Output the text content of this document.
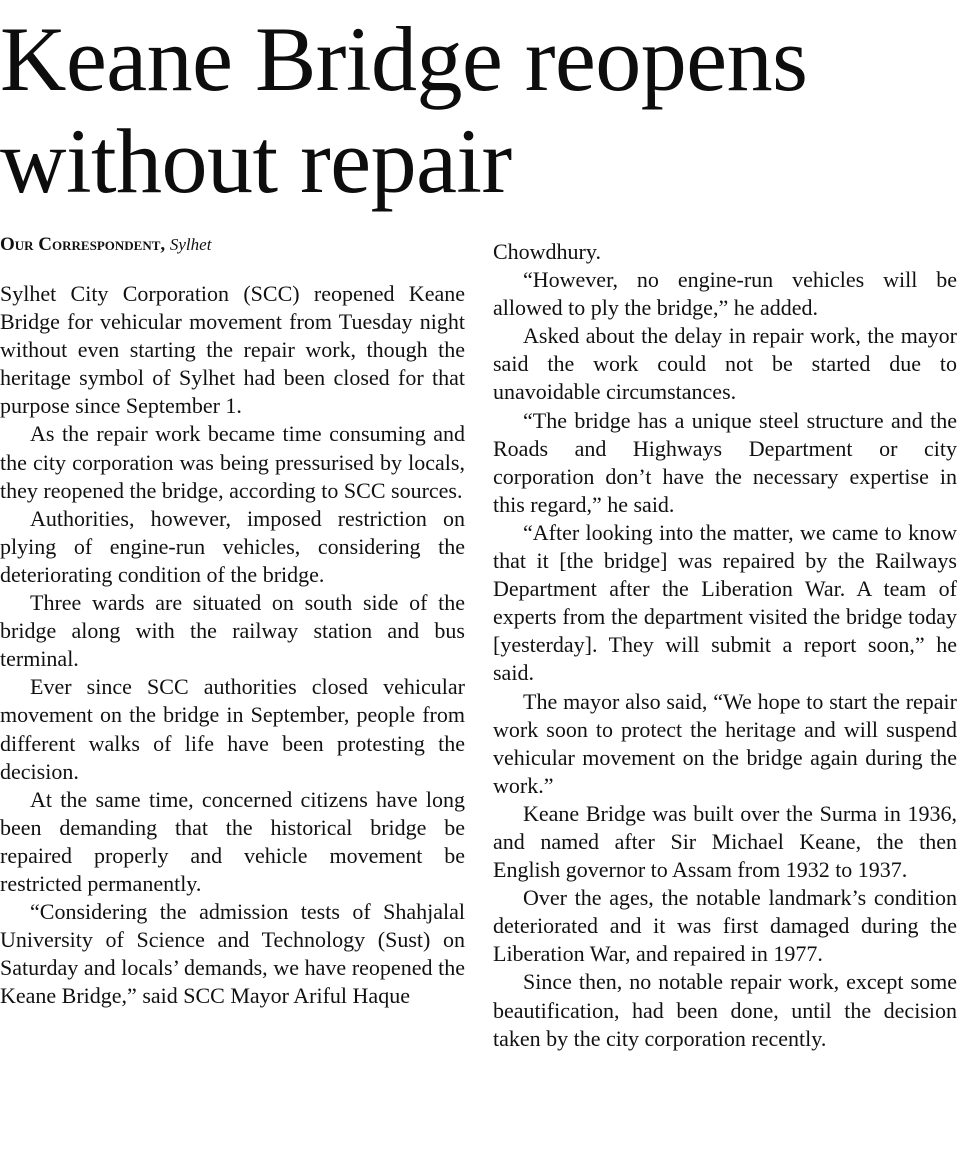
Keane Bridge reopens
without repair
Our Correspondent, Sylhet

Sylhet City Corporation (SCC) reopened Keane Bridge for vehicular movement from Tuesday night without even starting the repair work, though the heritage symbol of Sylhet had been closed for that purpose since September 1.

As the repair work became time consuming and the city corporation was being pressurised by locals, they reopened the bridge, according to SCC sources.

Authorities, however, imposed restriction on plying of engine-run vehicles, considering the deteriorating condition of the bridge.

Three wards are situated on south side of the bridge along with the railway station and bus terminal.

Ever since SCC authorities closed vehicular movement on the bridge in September, people from different walks of life have been protesting the decision.

At the same time, concerned citizens have long been demanding that the historical bridge be repaired properly and vehicle movement be restricted permanently.

“Considering the admission tests of Shahjalal University of Science and Technology (Sust) on Saturday and locals’ demands, we have reopened the Keane Bridge,” said SCC Mayor Ariful Haque

Chowdhury.

“However, no engine-run vehicles will be allowed to ply the bridge,” he added.

Asked about the delay in repair work, the mayor said the work could not be started due to unavoidable circumstances.

“The bridge has a unique steel structure and the Roads and Highways Department or city corporation don’t have the necessary expertise in this regard,” he said.

“After looking into the matter, we came to know that it [the bridge] was repaired by the Railways Department after the Liberation War. A team of experts from the department visited the bridge today [yesterday]. They will submit a report soon,” he said.

The mayor also said, “We hope to start the repair work soon to protect the heritage and will suspend vehicular movement on the bridge again during the work.”

Keane Bridge was built over the Surma in 1936, and named after Sir Michael Keane, the then English governor to Assam from 1932 to 1937.

Over the ages, the notable landmark’s condition deteriorated and it was first damaged during the Liberation War, and repaired in 1977.

Since then, no notable repair work, except some beautification, had been done, until the decision taken by the city corporation recently.
